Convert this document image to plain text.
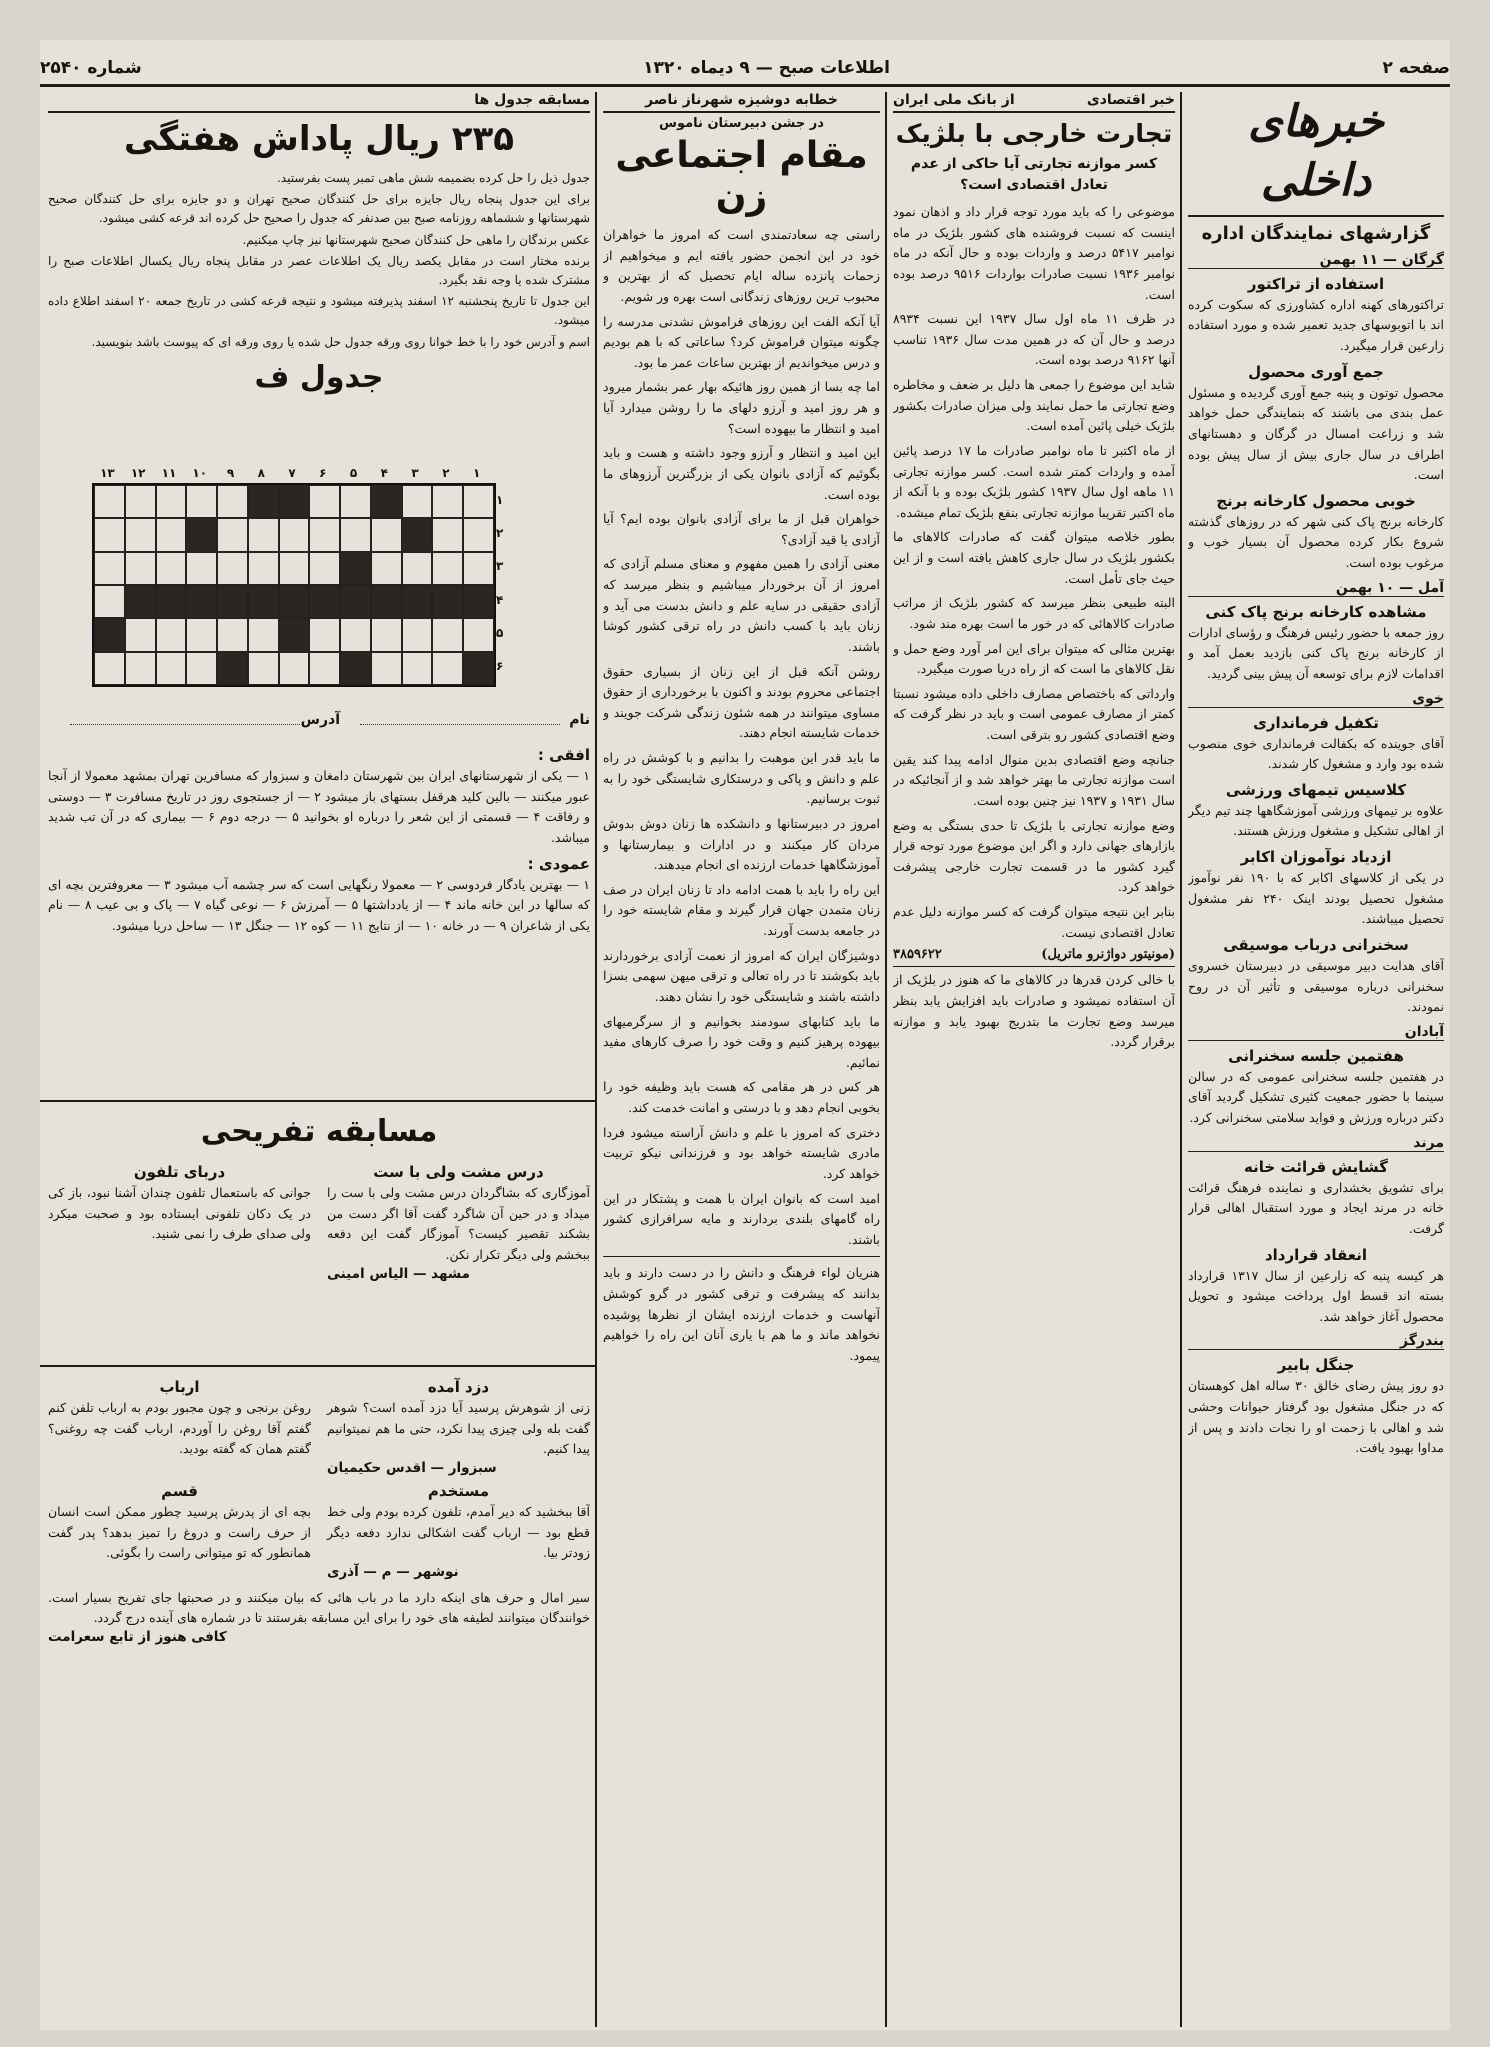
صفحه ۲
اطلاعات صبح — ۹ دیماه ۱۳۲۰
شماره ۲۵۴۰
خبرهای داخلی
گزارشهای نمایندگان اداره
گرگان — ۱۱ بهمن
استفاده از تراکتور
تراکتورهای کهنه اداره کشاورزی که سکوت کرده اند با اتوبوسهای جدید تعمیر شده و مورد استفاده زارعین قرار میگیرد.
جمع آوری محصول
محصول توتون و پنبه جمع آوری گردیده و مسئول عمل بندی می باشند که بنمایندگی حمل خواهد شد و زراعت امسال در گرگان و دهستانهای اطراف در سال جاری بیش از سال پیش بوده است.
خوبی محصول کارخانه برنج
کارخانه برنج پاک کنی شهر که در روزهای گذشته شروع بکار کرده محصول آن بسیار خوب و مرغوب بوده است.
آمل — ۱۰ بهمن
مشاهده کارخانه برنج پاک کنی
روز جمعه با حضور رئیس فرهنگ و رؤسای ادارات از کارخانه برنج پاک کنی بازدید بعمل آمد و اقدامات لازم برای توسعه آن پیش بینی گردید.
خوی
تکفیل فرمانداری
آقای جوینده که بکفالت فرمانداری خوی منصوب شده بود وارد و مشغول کار شدند.
کلاسیس تیمهای ورزشی
علاوه بر تیمهای ورزشی آموزشگاهها چند تیم دیگر از اهالی تشکیل و مشغول ورزش هستند.
ازدیاد نوآموزان اکابر
در یکی از کلاسهای اکابر که با ۱۹۰ نفر نوآموز مشغول تحصیل بودند اینک ۲۴۰ نفر مشغول تحصیل میباشند.
سخنرانی درباب موسیقی
آقای هدایت دبیر موسیقی در دبیرستان خسروی سخنرانی درباره موسیقی و تأثیر آن در روح نمودند.
آبادان
هفتمین جلسه سخنرانی
در هفتمین جلسه سخنرانی عمومی که در سالن سینما با حضور جمعیت کثیری تشکیل گردید آقای دکتر درباره ورزش و فواید سلامتی سخنرانی کرد.
مرند
گشایش قرائت خانه
برای تشویق بخشداری و نماینده فرهنگ قرائت خانه در مرند ایجاد و مورد استقبال اهالی قرار گرفت.
انعقاد قرارداد
هر کیسه پنبه که زارعین از سال ۱۳۱۷ قرارداد بسته اند قسط اول پرداخت میشود و تحویل محصول آغاز خواهد شد.
بندرگز
جنگل بابیر
دو روز پیش رضای خالق ۳۰ ساله اهل کوهستان که در جنگل مشغول بود گرفتار حیوانات وحشی شد و اهالی با زحمت او را نجات دادند و پس از مداوا بهبود یافت.
خبر اقتصادی
از بانک ملی ایران
تجارت خارجی با بلژیک
کسر موازنه تجارتی آیا حاکی از عدم تعادل اقتصادی است؟

موضوعی را که باید مورد توجه قرار داد و اذهان نمود اینست که نسبت فروشنده های کشور بلژیک در ماه نوامبر ۵۴۱۷ درصد و واردات بوده و حال آنکه در ماه نوامبر ۱۹۳۶ نسبت صادرات بواردات ۹۵۱۶ درصد بوده است.

در ظرف ۱۱ ماه اول سال ۱۹۳۷ این نسبت ۸۹۳۴ درصد و حال آن که در همین مدت سال ۱۹۳۶ تناسب آنها ۹۱۶۲ درصد بوده است.

شاید این موضوع را جمعی ها دلیل بر ضعف و مخاطره وضع تجارتی ما حمل نمایند ولی میزان صادرات بکشور بلژیک خیلی پائین آمده است.

از ماه اکتبر تا ماه نوامبر صادرات ما ۱۷ درصد پائین آمده و واردات کمتر شده است. کسر موازنه تجارتی ۱۱ ماهه اول سال ۱۹۳۷ کشور بلژیک بوده و با آنکه از ماه اکتبر تقریبا موازنه تجارتی بنفع بلژیک تمام میشده.

بطور خلاصه میتوان گفت که صادرات کالاهای ما بکشور بلژیک در سال جاری کاهش یافته است و از این حیث جای تأمل است.

البته طبیعی بنظر میرسد که کشور بلژیک از مراتب صادرات کالاهائی که در خور ما است بهره مند شود.

بهترین مثالی که میتوان برای این امر آورد وضع حمل و نقل کالاهای ما است که از راه دریا صورت میگیرد.

وارداتی که باختصاص مصارف داخلی داده میشود نسبتا کمتر از مصارف عمومی است و باید در نظر گرفت که وضع اقتصادی کشور رو بترقی است.

جنانچه وضع اقتصادی بدین منوال ادامه پیدا کند یقین است موازنه تجارتی ما بهتر خواهد شد و از آنجائیکه در سال ۱۹۳۱ و ۱۹۳۷ نیز چنین بوده است.

وضع موازنه تجارتی با بلژیک تا حدی بستگی به وضع بازارهای جهانی دارد و اگر این موضوع مورد توجه قرار گیرد کشور ما در قسمت تجارت خارجی پیشرفت خواهد کرد.

بنابر این نتیجه میتوان گرفت که کسر موازنه دلیل عدم تعادل اقتصادی نیست.

(مونیتور دواژنرو ماتریل)
۳۸۵۹۶۲۲
با خالی کردن قدرها در کالاهای ما که هنوز در بلژیک از آن استفاده نمیشود و صادرات باید افزایش یابد بنظر میرسد وضع تجارت ما بتدریج بهبود یابد و موازنه برقرار گردد.
خطابه دوشیزه شهرناز ناصر
در جشن دبیرستان ناموس
مقام اجتماعی زن

راستی چه سعادتمندی است که امروز ما خواهران خود در این انجمن حضور یافته ایم و میخواهیم از زحمات پانزده ساله ایام تحصیل که از بهترین و محبوب ترین روزهای زندگانی است بهره ور شویم.

آیا آنکه الفت این روزهای فراموش نشدنی مدرسه را چگونه میتوان فراموش کرد؟ ساعاتی که با هم بودیم و درس میخواندیم از بهترین ساعات عمر ما بود.

اما چه بسا از همین روز هائیکه بهار عمر بشمار میرود و هر روز امید و آرزو دلهای ما را روشن میدارد آیا امید و انتظار ما بیهوده است؟

این امید و انتظار و آرزو وجود داشته و هست و باید بگوئیم که آزادی بانوان یکی از بزرگترین آرزوهای ما بوده است.

خواهران قبل از ما برای آزادی بانوان بوده ایم؟ آیا آزادی یا قید آزادی؟

معنی آزادی را همین مفهوم و معنای مسلم آزادی که امروز از آن برخوردار میباشیم و بنظر میرسد که آزادی حقیقی در سایه علم و دانش بدست می آید و زنان باید با کسب دانش در راه ترقی کشور کوشا باشند.

روشن آنکه قبل از این زنان از بسیاری حقوق اجتماعی محروم بودند و اکنون با برخورداری از حقوق مساوی میتوانند در همه شئون زندگی شرکت جویند و خدمات شایسته انجام دهند.

ما باید قدر این موهبت را بدانیم و با کوشش در راه علم و دانش و پاکی و درستکاری شایستگی خود را به ثبوت برسانیم.

امروز در دبیرستانها و دانشکده ها زنان دوش بدوش مردان کار میکنند و در ادارات و بیمارستانها و آموزشگاهها خدمات ارزنده ای انجام میدهند.

این راه را باید با همت ادامه داد تا زنان ایران در صف زنان متمدن جهان قرار گیرند و مقام شایسته خود را در جامعه بدست آورند.

دوشیزگان ایران که امروز از نعمت آزادی برخوردارند باید بکوشند تا در راه تعالی و ترقی میهن سهمی بسزا داشته باشند و شایستگی خود را نشان دهند.

ما باید کتابهای سودمند بخوانیم و از سرگرمیهای بیهوده پرهیز کنیم و وقت خود را صرف کارهای مفید نمائیم.

هر کس در هر مقامی که هست باید وظیفه خود را بخوبی انجام دهد و با درستی و امانت خدمت کند.

دختری که امروز با علم و دانش آراسته میشود فردا مادری شایسته خواهد بود و فرزندانی نیکو تربیت خواهد کرد.

امید است که بانوان ایران با همت و پشتکار در این راه گامهای بلندی بردارند و مایه سرافرازی کشور باشند.

هنریان لواء فرهنگ و دانش را در دست دارند و باید بدانند که پیشرفت و ترقی کشور در گرو کوشش آنهاست و خدمات ارزنده ایشان از نظرها پوشیده نخواهد ماند و ما هم با یاری آنان این راه را خواهیم پیمود.
مسابقه جدول ها
۲۳۵ ریال پاداش هفتگی

جدول ذیل را حل کرده بضمیمه شش ماهی تمبر پست بفرستید.

برای این جدول پنجاه ریال جایزه برای حل کنندگان صحیح تهران و دو جایزه برای حل کنندگان صحیح شهرستانها و ششماهه روزنامه صبح بین صدنفر که جدول را صحیح حل کرده اند قرعه کشی میشود.

عکس برندگان را ماهی حل کنندگان صحیح شهرستانها نیز چاپ میکنیم.

برنده مختار است در مقابل یکصد ریال یک اطلاعات عصر در مقابل پنجاه ریال یکسال اطلاعات صبح را مشترک شده یا وجه نقد بگیرد.

این جدول تا تاریخ پنجشنبه ۱۲ اسفند پذیرفته میشود و نتیجه قرعه کشی در تاریخ جمعه ۲۰ اسفند اطلاع داده میشود.

اسم و آدرس خود را با خط خوانا روی ورقه جدول حل شده یا روی ورقه ای که پیوست باشد بنویسید.

جدول ف
۱
۲
۳
۴
۵
۶
۷
۸
۹
۱۰
۱۱
۱۲
۱۳
۱
۲
۳
۴
۵
۶
نام
آدرس
افقی :
۱ — یکی از شهرستانهای ایران بین شهرستان دامغان و سبزوار که مسافرین تهران بمشهد معمولا از آنجا عبور میکنند — بالین کلید هرقفل بستهای باز میشود ۲ — از جستجوی روز در تاریخ مسافرت ۳ — دوستی و رفاقت ۴ — قسمتی از این شعر را درباره او بخوانید ۵ — درجه دوم ۶ — بیماری که در آن تب شدید میباشد.
عمودی :
۱ — بهترین یادگار فردوسی ۲ — معمولا رنگهایی است که سر چشمه آب میشود ۳ — معروفترین بچه ای که سالها در این خانه ماند ۴ — از یادداشتها ۵ — آمرزش ۶ — نوعی گیاه ۷ — پاک و بی عیب ۸ — نام یکی از شاعران ۹ — در خانه ۱۰ — از نتایج ۱۱ — کوه ۱۲ — جنگل ۱۳ — ساحل دریا میشود.
مسابقه تفریحی
درس مشت ولی با ست
آموزگاری که بشاگردان درس مشت ولی با ست را میداد و در حین آن شاگرد گفت آقا اگر دست من بشکند تقصیر کیست؟ آموزگار گفت این دفعه ببخشم ولی دیگر تکرار نکن.
مشهد — الیاس امینی
دربای تلفون
جوانی که باستعمال تلفون چندان آشنا نبود، باز کی در یک دکان تلفونی ایستاده بود و صحبت میکرد ولی صدای طرف را نمی شنید.
دزد آمده
زنی از شوهرش پرسید آیا دزد آمده است؟ شوهر گفت بله ولی چیزی پیدا نکرد، حتی ما هم نمیتوانیم پیدا کنیم.
سبزوار — اقدس حکیمیان
ارباب
روغن برنجی و چون مجبور بودم به ارباب تلفن کنم گفتم آقا روغن را آوردم، ارباب گفت چه روغنی؟ گفتم همان که گفته بودید.
مستخدم
آقا ببخشید که دیر آمدم، تلفون کرده بودم ولی خط قطع بود — ارباب گفت اشکالی ندارد دفعه دیگر زودتر بیا.
نوشهر — م — آذری
قسم
بچه ای از پدرش پرسید چطور ممکن است انسان از حرف راست و دروغ را تمیز بدهد؟ پدر گفت همانطور که تو میتوانی راست را بگوئی.
سیر امال و حرف های اینکه دارد ما در باب هائی که بیان میکنند و در صحبتها جای تفریح بسیار است. خوانندگان میتوانند لطیفه های خود را برای این مسابقه بفرستند تا در شماره های آینده درج گردد.
کافی هنوز از تابع سعرامت
